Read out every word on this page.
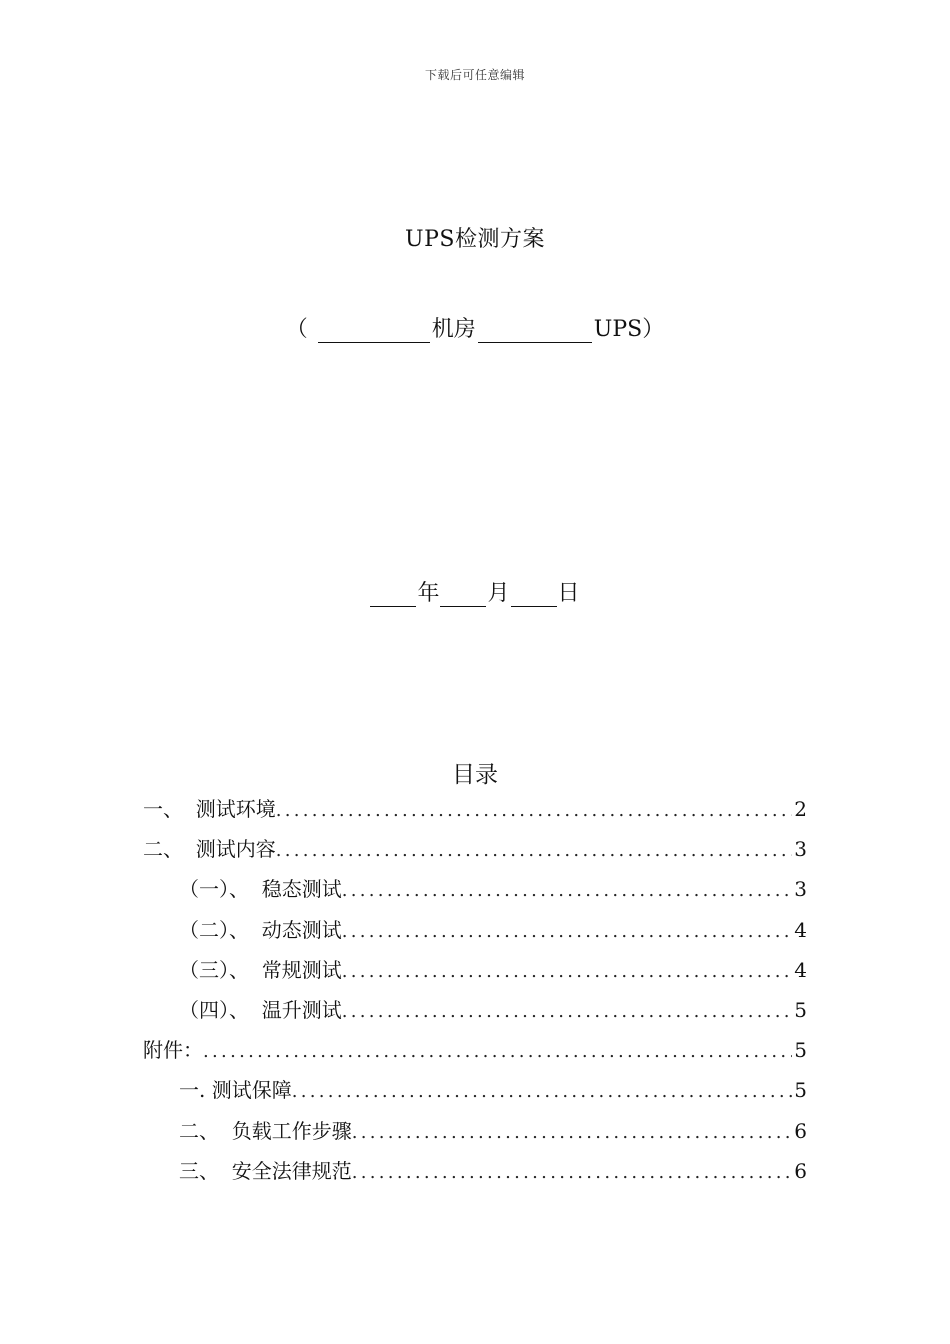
下载后可任意编辑
UPS检测方案
（	机房	UPS）
年 月 日
目录
一、 测试环境 .....	2
二、 测试内容 .....	3
（一）、 稳态测试 .....	3
（二）、 动态测试 .....	4
（三）、 常规测试 .....	4
（四）、 温升测试 .....	5
附件： .....	5
一. 测试保障 .....	5
二、 负载工作步骤 .....	6
三、 安全法律规范 .....	6
